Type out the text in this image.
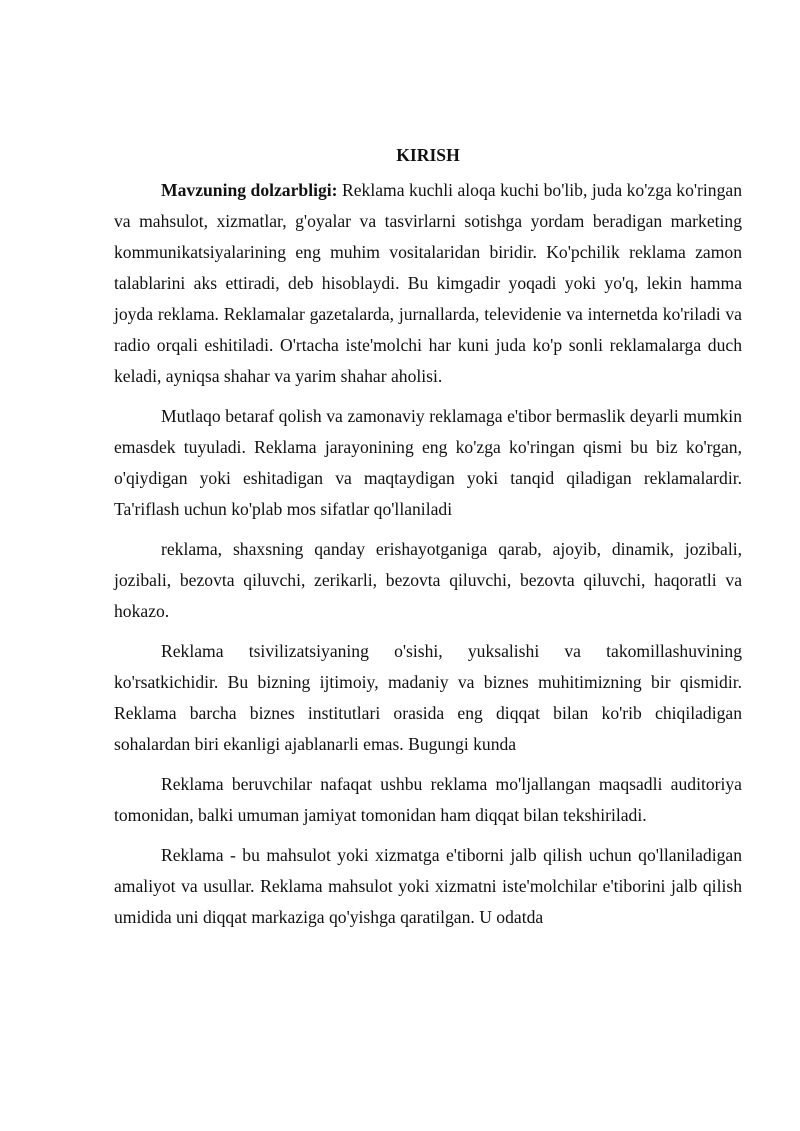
KIRISH

Mavzuning dolzarbligi: Reklama kuchli aloqa kuchi bo'lib, juda ko'zga ko'ringan va mahsulot, xizmatlar, g'oyalar va tasvirlarni sotishga yordam beradigan marketing kommunikatsiyalarining eng muhim vositalaridan biridir. Ko'pchilik reklama zamon talablarini aks ettiradi, deb hisoblaydi. Bu kimgadir yoqadi yoki yo'q, lekin hamma joyda reklama. Reklamalar gazetalarda, jurnallarda, televidenie va internetda ko'riladi va radio orqali eshitiladi. O'rtacha iste'molchi har kuni juda ko'p sonli reklamalarga duch keladi, ayniqsa shahar va yarim shahar aholisi.

Mutlaqo betaraf qolish va zamonaviy reklamaga e'tibor bermaslik deyarli mumkin emasdek tuyuladi. Reklama jarayonining eng ko'zga ko'ringan qismi bu biz ko'rgan, o'qiydigan yoki eshitadigan va maqtaydigan yoki tanqid qiladigan reklamalardir. Ta'riflash uchun ko'plab mos sifatlar qo'llaniladi

reklama, shaxsning qanday erishayotganiga qarab, ajoyib, dinamik, jozibali, jozibali, bezovta qiluvchi, zerikarli, bezovta qiluvchi, bezovta qiluvchi, haqoratli va hokazo.

Reklama tsivilizatsiyaning o'sishi, yuksalishi va takomillashuvining ko'rsatkichidir. Bu bizning ijtimoiy, madaniy va biznes muhitimizning bir qismidir. Reklama barcha biznes institutlari orasida eng diqqat bilan ko'rib chiqiladigan sohalardan biri ekanligi ajablanarli emas. Bugungi kunda

Reklama beruvchilar nafaqat ushbu reklama mo'ljallangan maqsadli auditoriya tomonidan, balki umuman jamiyat tomonidan ham diqqat bilan tekshiriladi.

Reklama - bu mahsulot yoki xizmatga e'tiborni jalb qilish uchun qo'llaniladigan amaliyot va usullar. Reklama mahsulot yoki xizmatni iste'molchilar e'tiborini jalb qilish umidida uni diqqat markaziga qo'yishga qaratilgan. U odatda
